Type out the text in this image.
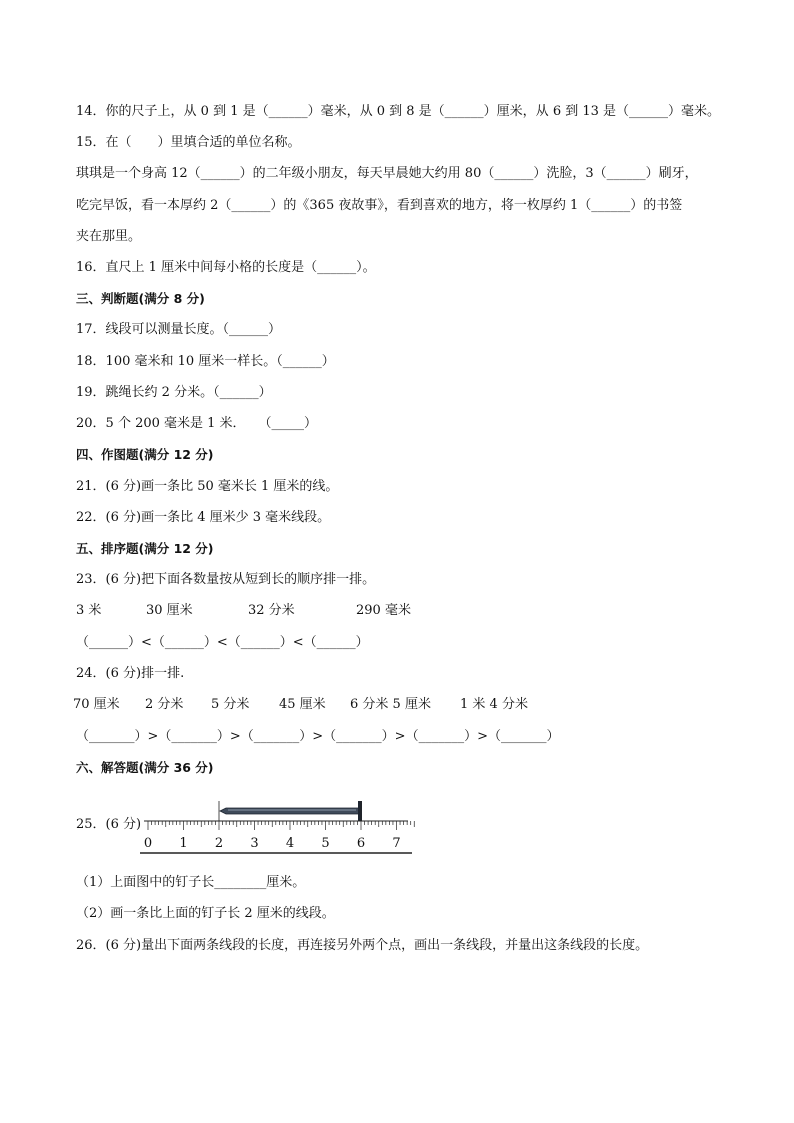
14．你的尺子上，从 0 到 1 是（______）毫米，从 0 到 8 是（______）厘米，从 6 到 13 是（______）毫米。
15．在（　　）里填合适的单位名称。
琪琪是一个身高 12（______）的二年级小朋友，每天早晨她大约用 80（______）洗脸，3（______）刷牙，
吃完早饭，看一本厚约 2（______）的《365 夜故事》，看到喜欢的地方，将一枚厚约 1（______）的书签
夹在那里。
16．直尺上 1 厘米中间每小格的长度是（______）。
三、判断题(满分 8 分)
17．线段可以测量长度。（______）
18．100 毫米和 10 厘米一样长。（______）
19．跳绳长约 2 分米。（______）
20．5 个 200 毫米是 1 米．　　（_____）
四、作图题(满分 12 分)
21．(6 分)画一条比 50 毫米长 1 厘米的线。
22．(6 分)画一条比 4 厘米少 3 毫米线段。
五、排序题(满分 12 分)
23．(6 分)把下面各数量按从短到长的顺序排一排。
3 米	30 厘米	32 分米	290 毫米
（______）<（______）<（______）<（______）
24．(6 分)排一排.
70 厘米 2 分米 5 分米 45 厘米 6 分米 5 厘米 1 米 4 分米
（_______）>（_______）>（_______）>（_______）>（_______）>（_______）
六、解答题(满分 36 分)
25．(6 分)
0 1 2 3 4 5 6 7
（1）上面图中的钉子长________厘米。
（2）画一条比上面的钉子长 2 厘米的线段。
26．(6 分)量出下面两条线段的长度，再连接另外两个点，画出一条线段，并量出这条线段的长度。
